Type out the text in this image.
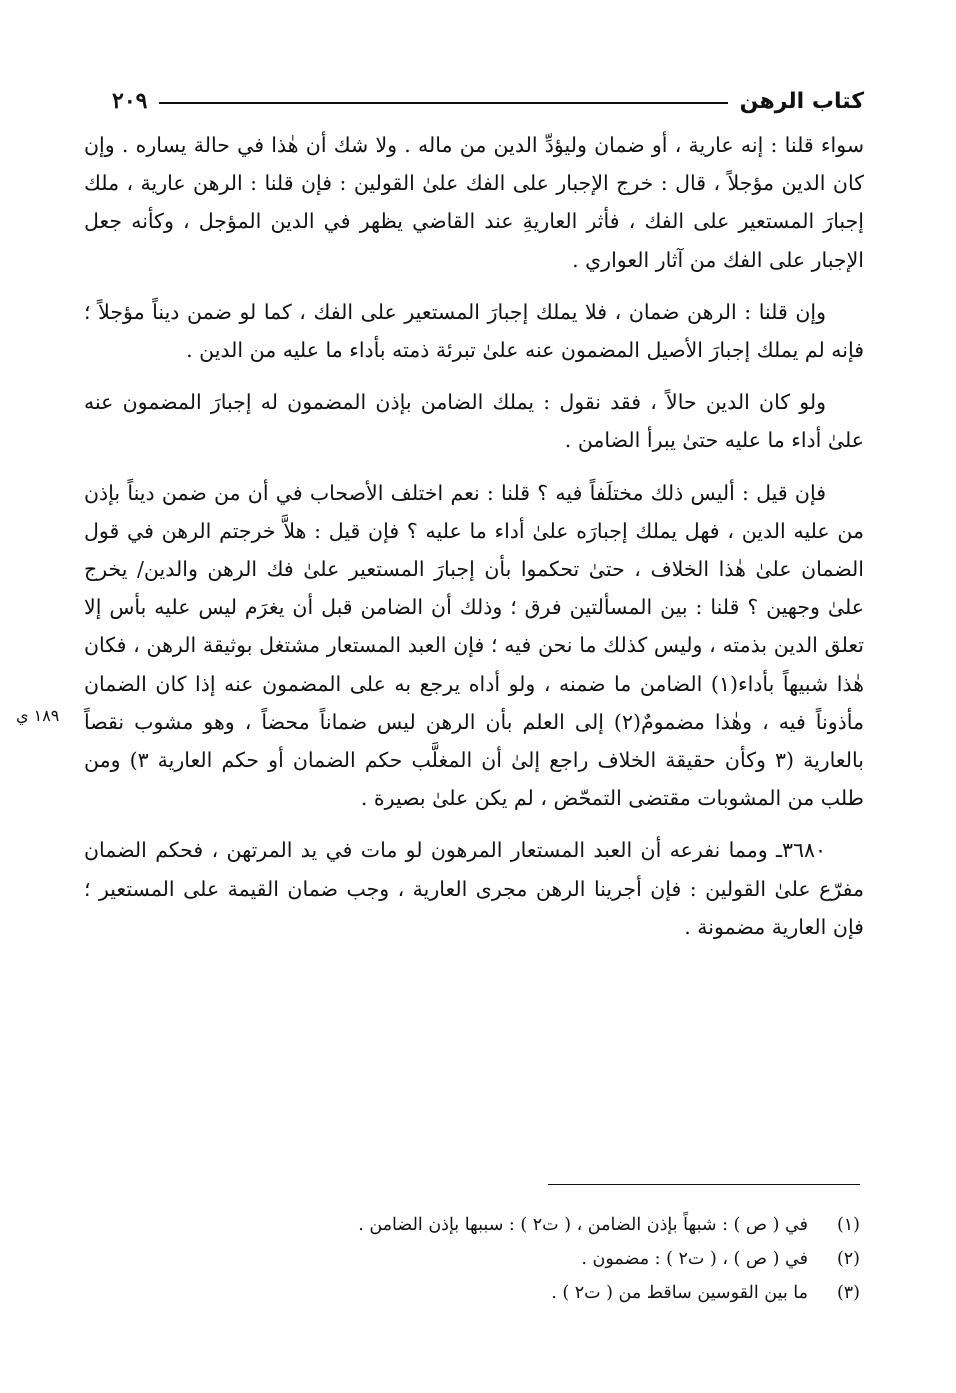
كتاب الرهن
٢٠٩

سواء قلنا : إنه عارية ، أو ضمان وليؤدِّ الدين من ماله . ولا شك أن هٰذا في حالة يساره . وإن كان الدين مؤجلاً ، قال : خرج الإجبار على الفك علىٰ القولين : فإن قلنا : الرهن عارية ، ملك إجبارَ المستعير على الفك ، فأثر العاريةِ عند القاضي يظهر في الدين المؤجل ، وكأنه جعل الإجبار على الفك من آثار العواري .

وإن قلنا : الرهن ضمان ، فلا يملك إجبارَ المستعير على الفك ، كما لو ضمن ديناً مؤجلاً ؛ فإنه لم يملك إجبارَ الأصيل المضمون عنه علىٰ تبرئة ذمته بأداء ما عليه من الدين .

ولو كان الدين حالاً ، فقد نقول : يملك الضامن بإذن المضمون له إجبارَ المضمون عنه علىٰ أداء ما عليه حتىٰ يبرأ الضامن .

فإن قيل : أليس ذلك مختلَفاً فيه ؟ قلنا : نعم اختلف الأصحاب في أن من ضمن ديناً بإذن من عليه الدين ، فهل يملك إجبارَه علىٰ أداء ما عليه ؟ فإن قيل : هلاَّ خرجتم الرهن في قول الضمان علىٰ هٰذا الخلاف ، حتىٰ تحكموا بأن إجبارَ المستعير علىٰ فك الرهن والدين/ يخرج علىٰ وجهين ؟ قلنا : بين المسألتين فرق ؛ وذلك أن الضامن قبل أن يغرَم ليس عليه بأس إلا تعلق الدين بذمته ، وليس كذلك ما نحن فيه ؛ فإن العبد المستعار مشتغل بوثيقة الرهن ، فكان هٰذا شبيهاً بأداء(١) الضامن ما ضمنه ، ولو أداه يرجع به على المضمون عنه إذا كان الضمان مأذوناً فيه ، وهٰذا مضمومٌ(٢) إلى العلم بأن الرهن ليس ضماناً محضاً ، وهو مشوب نقصاً بالعارية (٣ وكأن حقيقة الخلاف راجع إلىٰ أن المغلَّب حكم الضمان أو حكم العارية ٣) ومن طلب من المشوبات مقتضى التمحّض ، لم يكن علىٰ بصيرة .

٣٦٨٠ـ ومما نفرعه أن العبد المستعار المرهون لو مات في يد المرتهن ، فحكم الضمان مفرّع علىٰ القولين : فإن أجرينا الرهن مجرى العارية ، وجب ضمان القيمة على المستعير ؛ فإن العارية مضمونة .

١٨٩ ي
(١)
في ( ص ) : شبهاً بإذن الضامن ، ( ت٢ ) : سببها بإذن الضامن .
(٢)
في ( ص ) ، ( ت٢ ) : مضمون .
(٣)
ما بين القوسين ساقط من ( ت٢ ) .
